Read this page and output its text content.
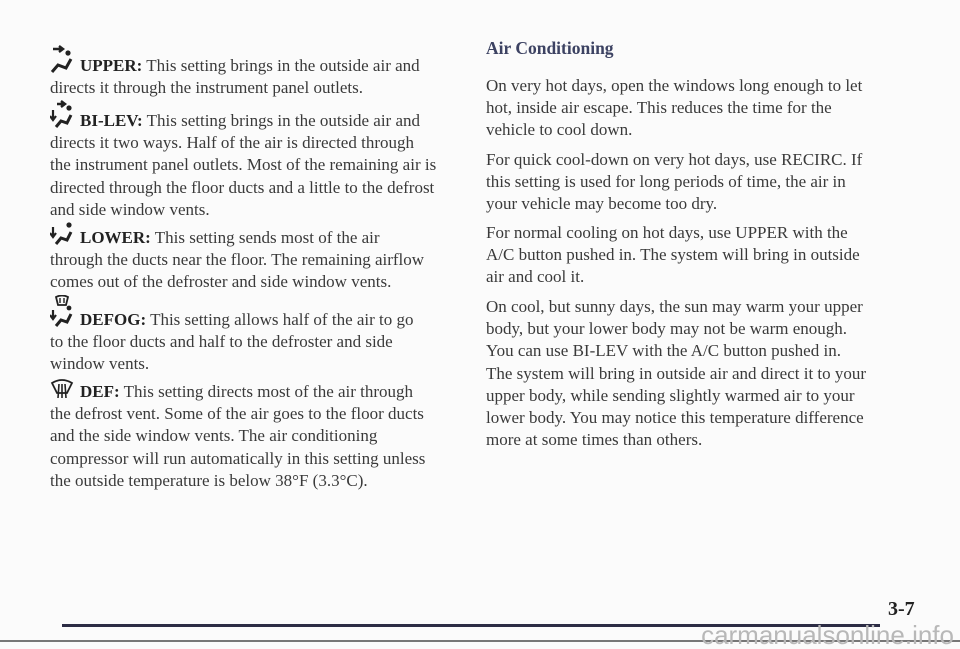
UPPER: This setting brings in the outside air and
directs it through the instrument panel outlets.
BI-LEV: This setting brings in the outside air and
directs it two ways. Half of the air is directed through
the instrument panel outlets. Most of the remaining air is
directed through the floor ducts and a little to the defrost
and side window vents.
LOWER: This setting sends most of the air
through the ducts near the floor. The remaining airflow
comes out of the defroster and side window vents.
DEFOG: This setting allows half of the air to go
to the floor ducts and half to the defroster and side
window vents.
DEF: This setting directs most of the air through
the defrost vent. Some of the air goes to the floor ducts
and the side window vents. The air conditioning
compressor will run automatically in this setting unless
the outside temperature is below 38°F (3.3°C).
Air Conditioning
On very hot days, open the windows long enough to let
hot, inside air escape. This reduces the time for the
vehicle to cool down.
For quick cool-down on very hot days, use RECIRC. If
this setting is used for long periods of time, the air in
your vehicle may become too dry.
For normal cooling on hot days, use UPPER with the
A/C button pushed in. The system will bring in outside
air and cool it.
On cool, but sunny days, the sun may warm your upper
body, but your lower body may not be warm enough.
You can use BI-LEV with the A/C button pushed in.
The system will bring in outside air and direct it to your
upper body, while sending slightly warmed air to your
lower body. You may notice this temperature difference
more at some times than others.
3-7
carmanualsonline.info
